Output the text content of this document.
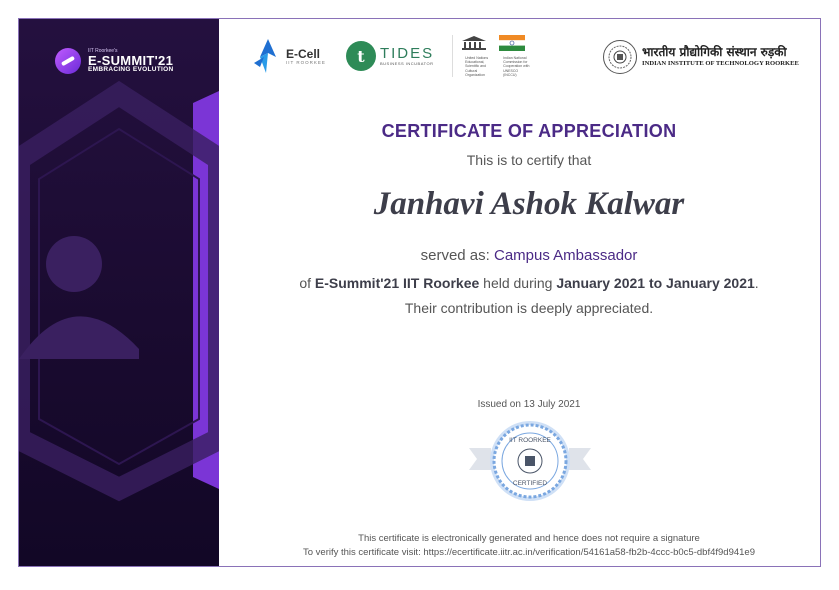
IIT Roorkee's
E-SUMMIT'21
EMBRACING EVOLUTION
E-Cell
IIT ROORKEE	t	TIDES
BUSINESS INCUBATOR
United Nations Educational, Scientific and Cultural Organization
Indian National Commission for Cooperation with UNESCO (INCCU)
भारतीय प्रौद्योगिकी संस्थान रुड़की
INDIAN INSTITUTE OF TECHNOLOGY ROORKEE
CERTIFICATE OF APPRECIATION
This is to certify that
Janhavi Ashok Kalwar
served as: Campus Ambassador
of E-Summit'21 IIT Roorkee held during January 2021 to January 2021.
Their contribution is deeply appreciated.
Issued on 13 July 2021
IIT ROORKEE
CERTIFIED
This certificate is electronically generated and hence does not require a signature
To verify this certificate visit: https://ecertificate.iitr.ac.in/verification/54161a58-fb2b-4ccc-b0c5-dbf4f9d941e9
